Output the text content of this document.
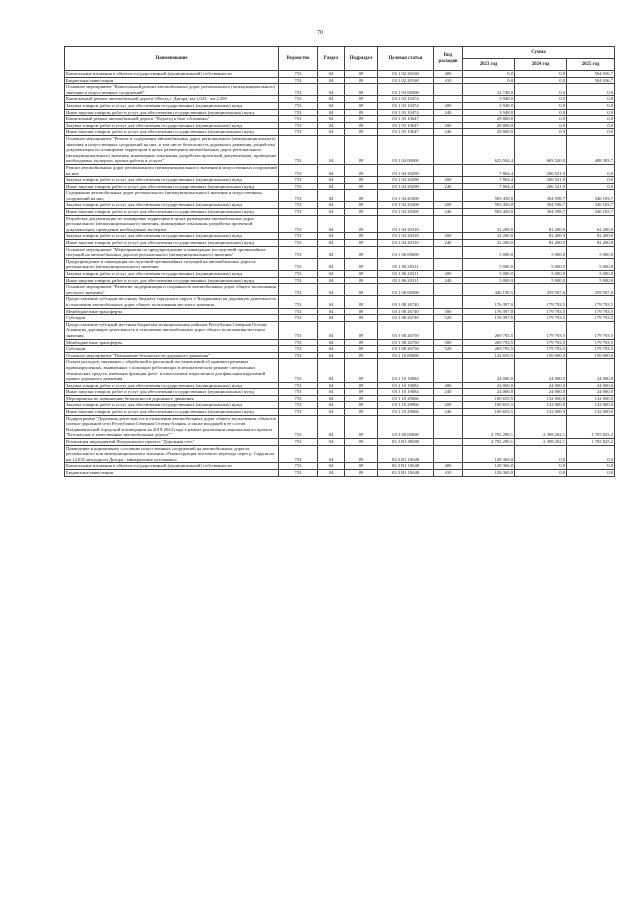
70
Наименование	Ведомство	Раздел	Подраздел	Целевая статья	Вид расходов	Сумма		
						2023 год	2024 год	2025 год
Капитальные вложения в объекты государственной (муниципальной) собственности	753	04	09	03 1 02 20160	400	0,0	0,0	564 036,7
Бюджетные инвестиции	753	04	09	03 1 02 20160	410	0,0	0,0	564 036,7
Основное мероприятие "Капитальный ремонт автомобильных дорог регионального (межмуниципального) значения и искусственных сооружений"	753	04	09	03 1 03 00000		32 748,0	0,0	0,0
Капитальный ремонт автомобильной дороги Объезд г. Дигора, км 1,023 - км 2,459	753	04	09	03 1 03 10474		3 948,0	0,0	0,0
Закупка товаров, работ и услуг для обеспечения государственных (муниципальных) нужд	753	04	09	03 1 03 10474	200	3 948,0	0,0	0,0
Иные закупки товаров, работ и услуг для обеспечения государственных (муниципальных) нужд	753	04	09	03 1 03 10474	240	3 948,0	0,0	0,0
Капитальный ремонт автомобильной дороги "Подъезд к базе «Альпина»"	753	04	09	03 1 03 10647		28 800,0	0,0	0,0
Закупка товаров, работ и услуг для обеспечения государственных (муниципальных) нужд	753	04	09	03 1 03 10647	200	28 800,0	0,0	0,0
Иные закупки товаров, работ и услуг для обеспечения государственных (муниципальных) нужд	753	04	09	03 1 03 10647	240	28 800,0	0,0	0,0
Основное мероприятие "Ремонт и содержание автомобильных дорог регионального (межмуниципального) значения и искусственных сооружений на них, в том числе безопасность дорожного движения, разработка документации по планировке территории в целях размещения автомобильных дорог регионального (межмуниципального) значения, инженерные изыскания, разработка проектной документации, проведение необходимых экспертиз, прочие работы и услуги"	753	04	09	03 1 04 00000		623 504,4	683 520,0	408 383,7
Ремонт автомобильных дорог регионального (межмуниципального) значения и искусственных сооружений на них	753	04	09	03 1 04 20290		7 864,4	206 521,9	0,0
Закупка товаров, работ и услуг для обеспечения государственных (муниципальных) нужд	753	04	09	03 1 04 20290	200	7 864,4	206 521,9	0,0
Иные закупки товаров, работ и услуг для обеспечения государственных (муниципальных) нужд	753	04	09	03 1 04 20290	240	7 864,4	206 521,9	0,0
Содержание автомобильных дорог регионального (межмуниципального) значения и искусственных сооружений на них	753	04	09	03 1 04 20300		583 450,0	394 598,7	346 183,7
Закупка товаров, работ и услуг для обеспечения государственных (муниципальных) нужд	753	04	09	03 1 04 20300	200	583 450,0	394 598,7	346 183,7
Иные закупки товаров, работ и услуг для обеспечения государственных (муниципальных) нужд	753	04	09	03 1 04 20300	240	583 450,0	394 598,7	346 183,7
Разработка документации по планировке территории в целях размещения автомобильных дорог регионального (межмуниципального) значения, инженерные изыскания, разработка проектной документации, проведение необходимых экспертиз	753	04	09	03 1 04 20310		32 200,0	82 200,0	62 200,0
Закупка товаров, работ и услуг для обеспечения государственных (муниципальных) нужд	753	04	09	03 1 04 20310	200	32 200,0	82 200,0	82 200,0
Иные закупки товаров, работ и услуг для обеспечения государственных (муниципальных) нужд	753	04	09	03 1 04 20310	240	32 200,0	82 200,0	82 200,0
Основное мероприятие "Мероприятия по предупреждению и ликвидации последствий чрезвычайных ситуаций на автомобильных дорогах регионального (межмуниципального) значения"	753	04	09	03 1 06 00000		5 000,0	5 000,0	5 000,0
Предупреждение и ликвидация последствий чрезвычайных ситуаций на автомобильных дорогах регионального (межмуниципального) значения	753	04	09	03 1 06 20311		5 000,0	5 000,0	5 000,0
Закупка товаров, работ и услуг для обеспечения государственных (муниципальных) нужд	753	04	09	03 1 06 20311	200	5 000,0	5 000,0	5 000,0
Иные закупки товаров, работ и услуг для обеспечения государственных (муниципальных) нужд	753	04	09	03 1 06 20311	240	5 000,0	5 000,0	5 000,0
Основное мероприятие "Развитие, модернизация и сохранность автомобильных дорог общего пользования местного значения"	753	04	09	03 1 08 00000		446 190,5	359 587,0	359 587,0
Предоставление субсидии местному бюджету городского округа г. Владикавказ на дорожную деятельность в отношении автомобильных дорог общего пользования местного значения	753	04	09	03 1 08 26740		176 397,0	179 793,5	179 793,5
Межбюджетные трансферты	753	04	09	03 1 08 26740	500	176 397,0	179 793,5	179 793,5
Субсидии	753	04	09	03 1 08 26740	520	176 397,0	179 793,5	179 793,5
Предоставление субсидий местным бюджетам муниципальных районов Республики Северная Осетия-Алания на дорожную деятельность в отношении автомобильных дорог общего пользования местного значения	753	04	09	03 1 08 26750		269 793,5	179 793,5	179 793,5
Межбюджетные трансферты	753	04	09	03 1 08 26750	500	269 793,5	179 793,5	179 793,5
Субсидии	753	04	09	03 1 08 26750	520	269 793,5	179 793,5	179 793,5
Основное мероприятие "Повышение безопасности дорожного движения"	753	04	09	03 1 10 00000		124 655,5	156 000,0	156 000,0
Оплата расходов, связанных с обработкой и рассылкой постановлений об административных правонарушениях, выявленных с помощью работающих в автоматическом режиме специальных технических средств, имеющих функции фото- и киносъемки, видеозаписи для фиксации нарушений правил дорожного движения	753	04	09	03 1 10 19084		24 000,0	24 000,0	24 000,0
Закупка товаров, работ и услуг для обеспечения государственных (муниципальных) нужд	753	04	09	03 1 10 19084	200	24 000,0	24 000,0	24 000,0
Иные закупки товаров, работ и услуг для обеспечения государственных (муниципальных) нужд	753	04	09	03 1 10 19084	240	24 000,0	24 000,0	24 000,0
Мероприятия по повышению безопасности дорожного движения	753	04	09	03 1 10 29066		100 655,5	132 000,0	132 000,0
Закупка товаров, работ и услуг для обеспечения государственных (муниципальных) нужд	753	04	09	03 1 10 29066	200	100 655,5	132 000,0	132 000,0
Иные закупки товаров, работ и услуг для обеспечения государственных (муниципальных) нужд	753	04	09	03 1 10 29066	240	100 655,5	132 000,0	132 000,0
Подпрограмма "Дорожная деятельность в отношении автомобильных дорог общего пользования, объектов улично-дорожной сети Республики Северная Осетия-Алания, а также входящей в ее состав Владикавказской городской агломерации на 2019-2024 годы в рамках реализации национального проекта "Безопасные и качественные автомобильные дороги""	753	04	09	03 3 00 00000		2 792 290,1	2 398 202,1	1 705 825,2
Реализация мероприятий Федерального проекта "Дорожная сеть"	753	04	09	03 3 R1 00000		2 792 290,1	2 398 202,1	1 705 825,2
Приведение в нормативное состояние искусственных сооружений на автомобильных дорогах регионального или межмуниципального значения «Реконструкция мостового перехода через р. Сардон на км 12,035 автодороги Дигора - минеральные источники»	753	04	09	03 3 R1 10648		128 360,0	0,0	0,0
Капитальные вложения в объекты государственной (муниципальной) собственности	753	04	09	03 3 R1 10648	400	128 360,0	0,0	0,0
Бюджетные инвестиции	753	04	09	03 3 R1 10648	410	128 360,0	0,0	0,0
